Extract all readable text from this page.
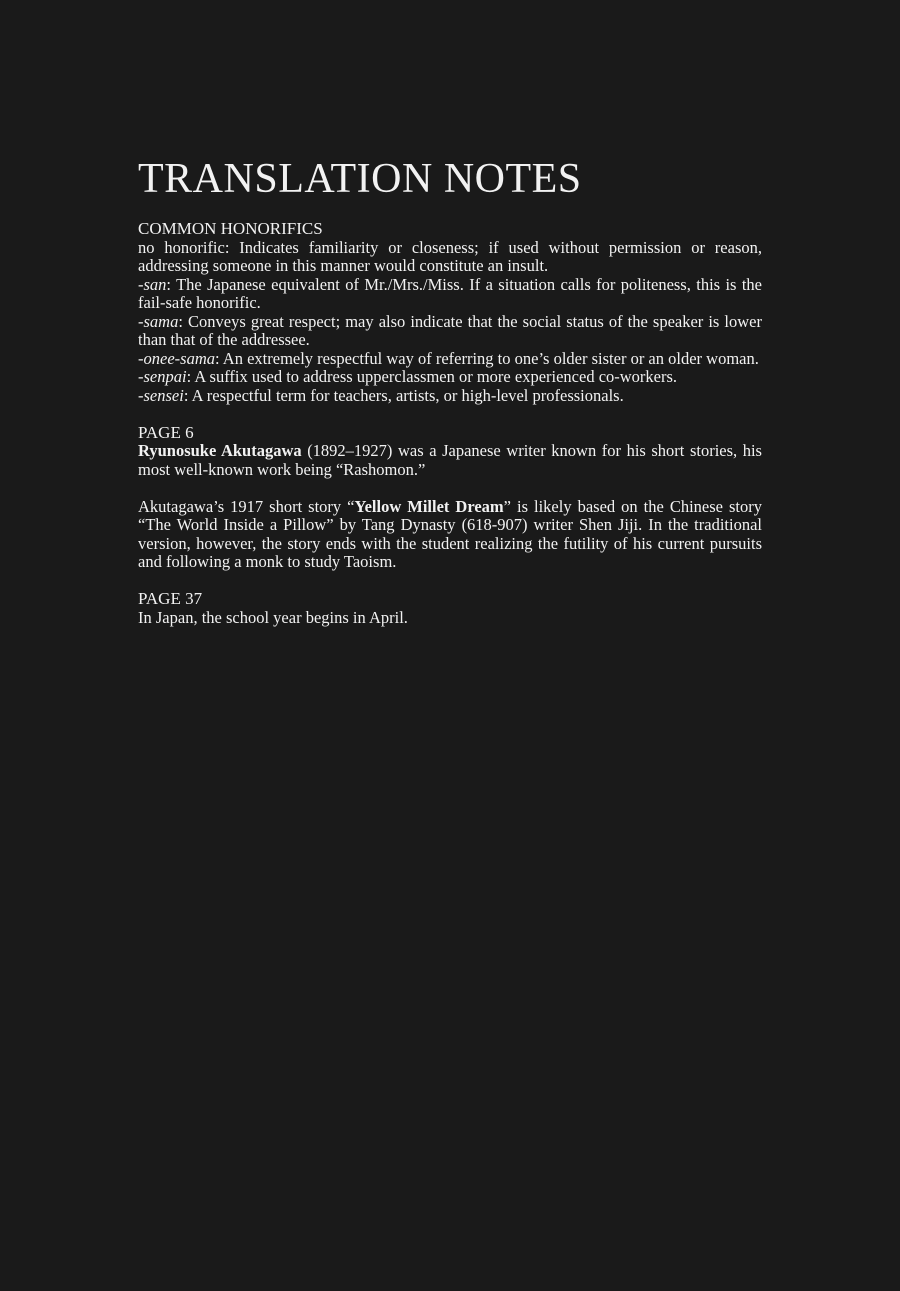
TRANSLATION NOTES
COMMON HONORIFICS

no honorific: Indicates familiarity or closeness; if used without permission or reason, addressing someone in this manner would constitute an insult.

-san: The Japanese equivalent of Mr./Mrs./Miss. If a situation calls for politeness, this is the fail-safe honorific.

-sama: Conveys great respect; may also indicate that the social status of the speaker is lower than that of the addressee.

-onee-sama: An extremely respectful way of referring to one’s older sister or an older woman.

-senpai: A suffix used to address upperclassmen or more experienced co-workers.

-sensei: A respectful term for teachers, artists, or high-level professionals.

PAGE 6

Ryunosuke Akutagawa (1892–1927) was a Japanese writer known for his short stories, his most well-known work being “Rashomon.”

Akutagawa’s 1917 short story “Yellow Millet Dream” is likely based on the Chinese story “The World Inside a Pillow” by Tang Dynasty (618-907) writer Shen Jiji. In the traditional version, however, the story ends with the student realizing the futility of his current pursuits and following a monk to study Taoism.

PAGE 37

In Japan, the school year begins in April.
